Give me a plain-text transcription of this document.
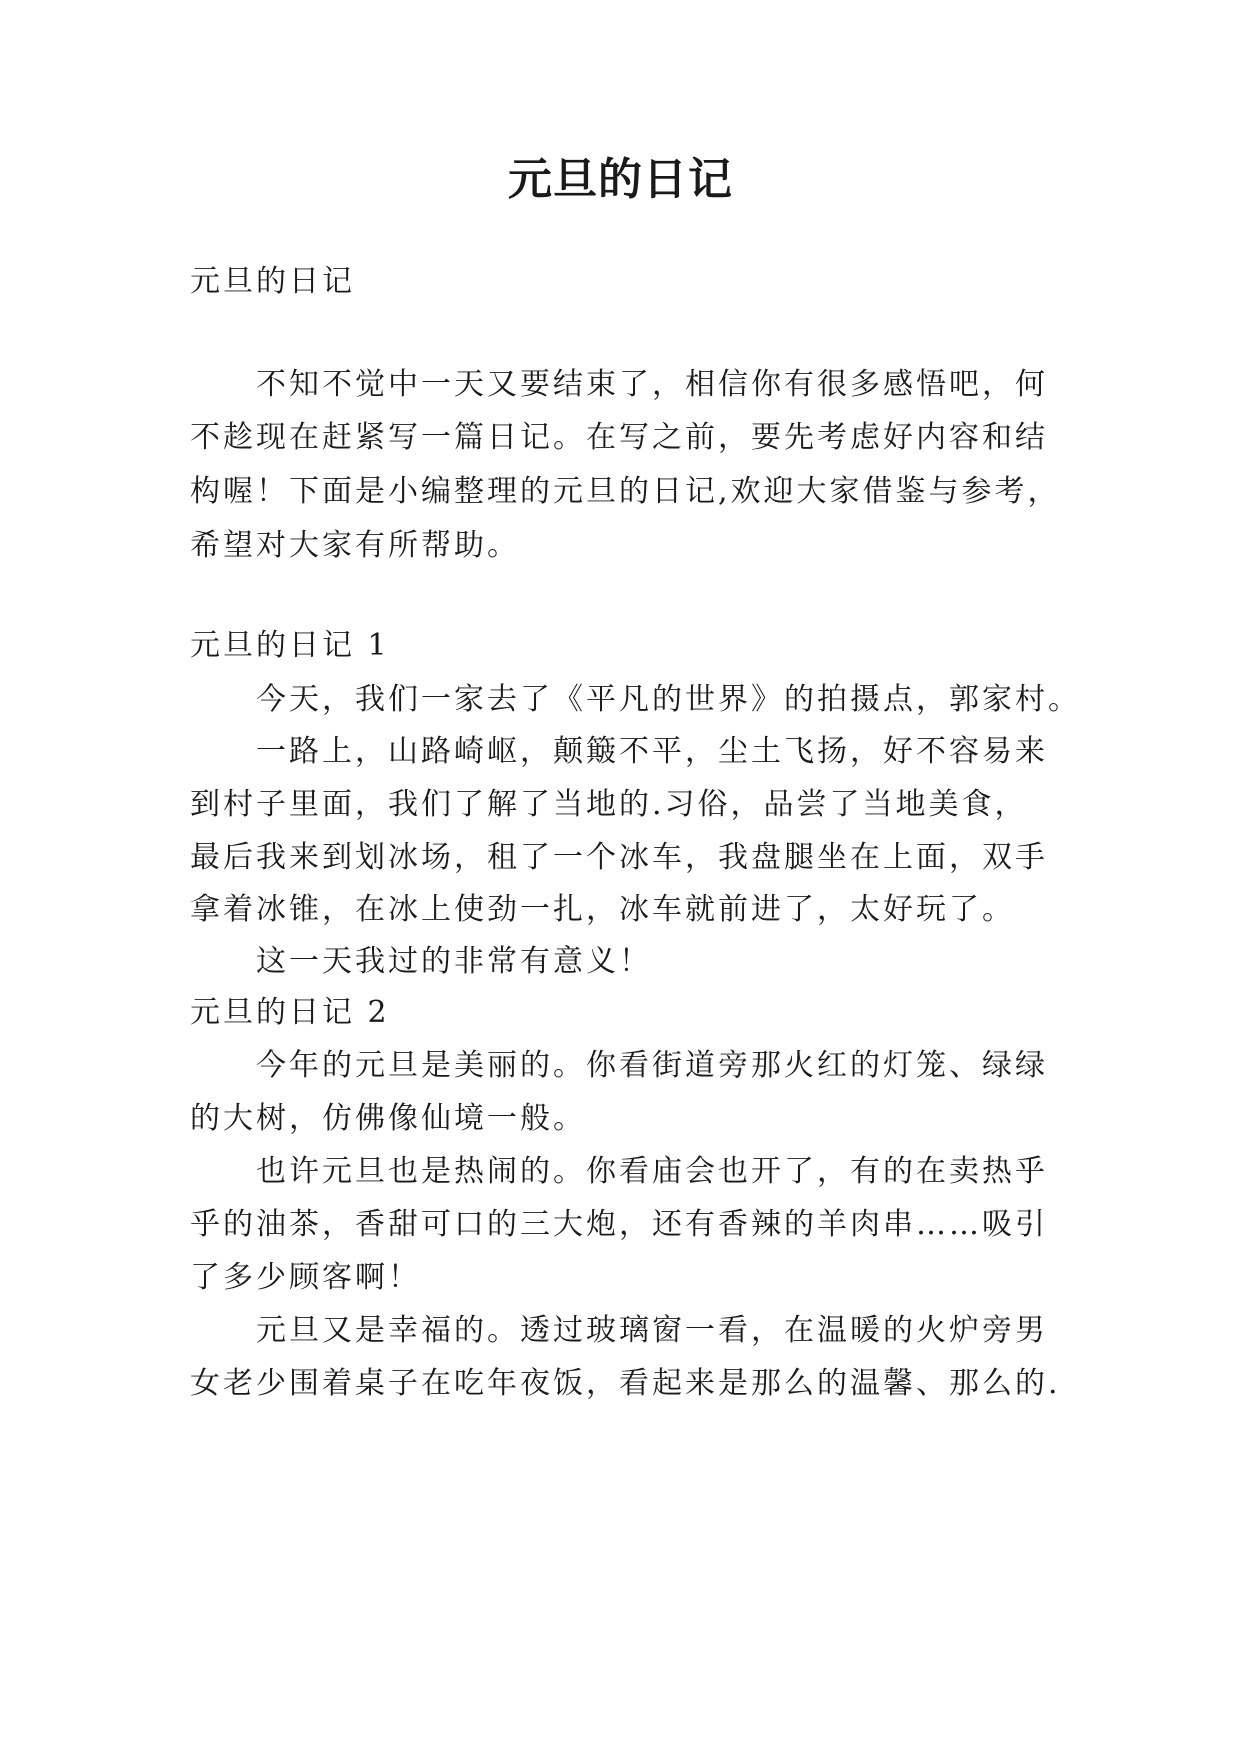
元旦的日记
元旦的日记
不知不觉中一天又要结束了，相信你有很多感悟吧，何
不趁现在赶紧写一篇日记。在写之前，要先考虑好内容和结
构喔！下面是小编整理的元旦的日记,欢迎大家借鉴与参考，
希望对大家有所帮助。
元旦的日记 1
今天，我们一家去了《平凡的世界》的拍摄点，郭家村。
一路上，山路崎岖，颠簸不平，尘土飞扬，好不容易来
到村子里面，我们了解了当地的.习俗，品尝了当地美食，
最后我来到划冰场，租了一个冰车，我盘腿坐在上面，双手
拿着冰锥，在冰上使劲一扎，冰车就前进了，太好玩了。
这一天我过的非常有意义！
元旦的日记 2
今年的元旦是美丽的。你看街道旁那火红的灯笼、绿绿
的大树，仿佛像仙境一般。
也许元旦也是热闹的。你看庙会也开了，有的在卖热乎
乎的油茶，香甜可口的三大炮，还有香辣的羊肉串……吸引
了多少顾客啊！
元旦又是幸福的。透过玻璃窗一看，在温暖的火炉旁男
女老少围着桌子在吃年夜饭，看起来是那么的温馨、那么的.
